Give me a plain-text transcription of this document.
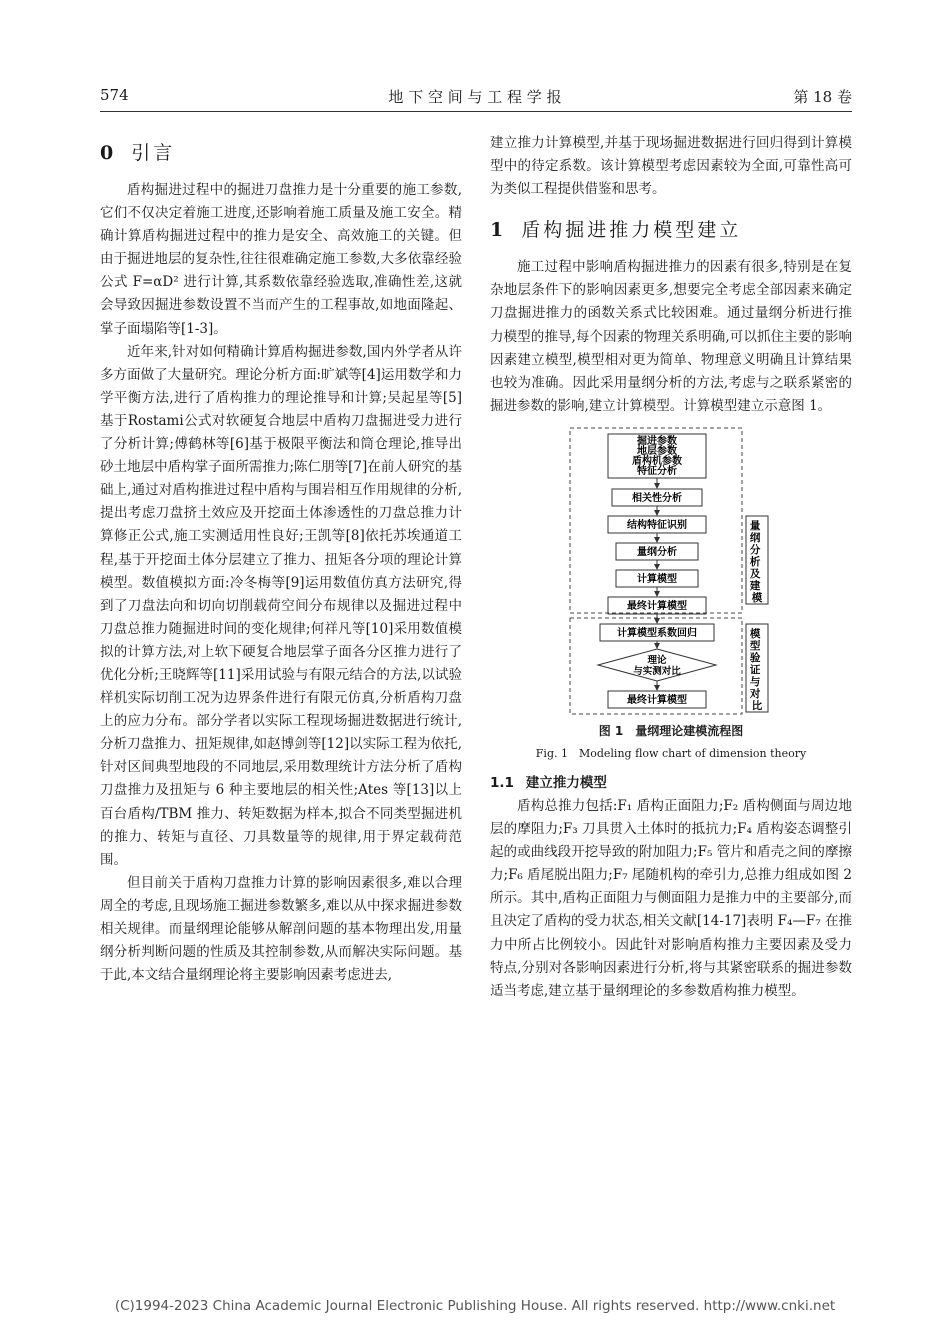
574	地 下 空 间 与 工 程 学 报	第 18 卷
0 引言

盾构掘进过程中的掘进刀盘推力是十分重要的施工参数,它们不仅决定着施工进度,还影响着施工质量及施工安全。精确计算盾构掘进过程中的推力是安全、高效施工的关键。但由于掘进地层的复杂性,往往很难确定施工参数,大多依靠经验公式 F=αD² 进行计算,其系数依靠经验选取,准确性差,这就会导致因掘进参数设置不当而产生的工程事故,如地面隆起、掌子面塌陷等[1-3]。

近年来,针对如何精确计算盾构掘进参数,国内外学者从许多方面做了大量研究。理论分析方面:旷斌等[4]运用数学和力学平衡方法,进行了盾构推力的理论推导和计算;吴起星等[5]基于Rostami公式对软硬复合地层中盾构刀盘掘进受力进行了分析计算;傅鹤林等[6]基于极限平衡法和筒仓理论,推导出砂土地层中盾构掌子面所需推力;陈仁朋等[7]在前人研究的基础上,通过对盾构推进过程中盾构与围岩相互作用规律的分析,提出考虑刀盘挤土效应及开挖面土体渗透性的刀盘总推力计算修正公式,施工实测适用性良好;王凯等[8]依托苏埃通道工程,基于开挖面土体分层建立了推力、扭矩各分项的理论计算模型。数值模拟方面:冷冬梅等[9]运用数值仿真方法研究,得到了刀盘法向和切向切削载荷空间分布规律以及掘进过程中刀盘总推力随掘进时间的变化规律;何祥凡等[10]采用数值模拟的计算方法,对上软下硬复合地层掌子面各分区推力进行了优化分析;王晓辉等[11]采用试验与有限元结合的方法,以试验样机实际切削工况为边界条件进行有限元仿真,分析盾构刀盘上的应力分布。部分学者以实际工程现场掘进数据进行统计,分析刀盘推力、扭矩规律,如赵博剑等[12]以实际工程为依托,针对区间典型地段的不同地层,采用数理统计方法分析了盾构刀盘推力及扭矩与 6 种主要地层的相关性;Ates 等[13]以上百台盾构/TBM 推力、转矩数据为样本,拟合不同类型掘进机的推力、转矩与直径、刀具数量等的规律,用于界定载荷范围。

但目前关于盾构刀盘推力计算的影响因素很多,难以合理周全的考虑,且现场施工掘进参数繁多,难以从中探求掘进参数相关规律。而量纲理论能够从解剖问题的基本物理出发,用量纲分析判断问题的性质及其控制参数,从而解决实际问题。基于此,本文结合量纲理论将主要影响因素考虑进去,

建立推力计算模型,并基于现场掘进数据进行回归得到计算模型中的待定系数。该计算模型考虑因素较为全面,可靠性高可为类似工程提供借鉴和思考。

1 盾构掘进推力模型建立

施工过程中影响盾构掘进推力的因素有很多,特别是在复杂地层条件下的影响因素更多,想要完全考虑全部因素来确定刀盘掘进推力的函数关系式比较困难。通过量纲分析进行推力模型的推导,每个因素的物理关系明确,可以抓住主要的影响因素建立模型,模型相对更为简单、物理意义明确且计算结果也较为准确。因此采用量纲分析的方法,考虑与之联系紧密的掘进参数的影响,建立计算模型。计算模型建立示意图 1。

掘进参数
地层参数
盾构机参数
特征分析
相关性分析
结构特征识别
量纲分析
计算模型
最终计算模型
计算模型系数回归
理论
与实测对比
最终计算模型
量 纲 分 析 及 建 模
模 型 验 证 与 对 比
图 1　量纲理论建模流程图
Fig. 1　Modeling flow chart of dimension theory
1.1 建立推力模型

盾构总推力包括:F₁ 盾构正面阻力;F₂ 盾构侧面与周边地层的摩阻力;F₃ 刀具贯入土体时的抵抗力;F₄ 盾构姿态调整引起的或曲线段开挖导致的附加阻力;F₅ 管片和盾壳之间的摩擦力;F₆ 盾尾脱出阻力;F₇ 尾随机构的牵引力,总推力组成如图 2 所示。其中,盾构正面阻力与侧面阻力是推力中的主要部分,而且决定了盾构的受力状态,相关文献[14-17]表明 F₄—F₇ 在推力中所占比例较小。因此针对影响盾构推力主要因素及受力特点,分别对各影响因素进行分析,将与其紧密联系的掘进参数适当考虑,建立基于量纲理论的多参数盾构推力模型。

(C)1994-2023 China Academic Journal Electronic Publishing House. All rights reserved. http://www.cnki.net
